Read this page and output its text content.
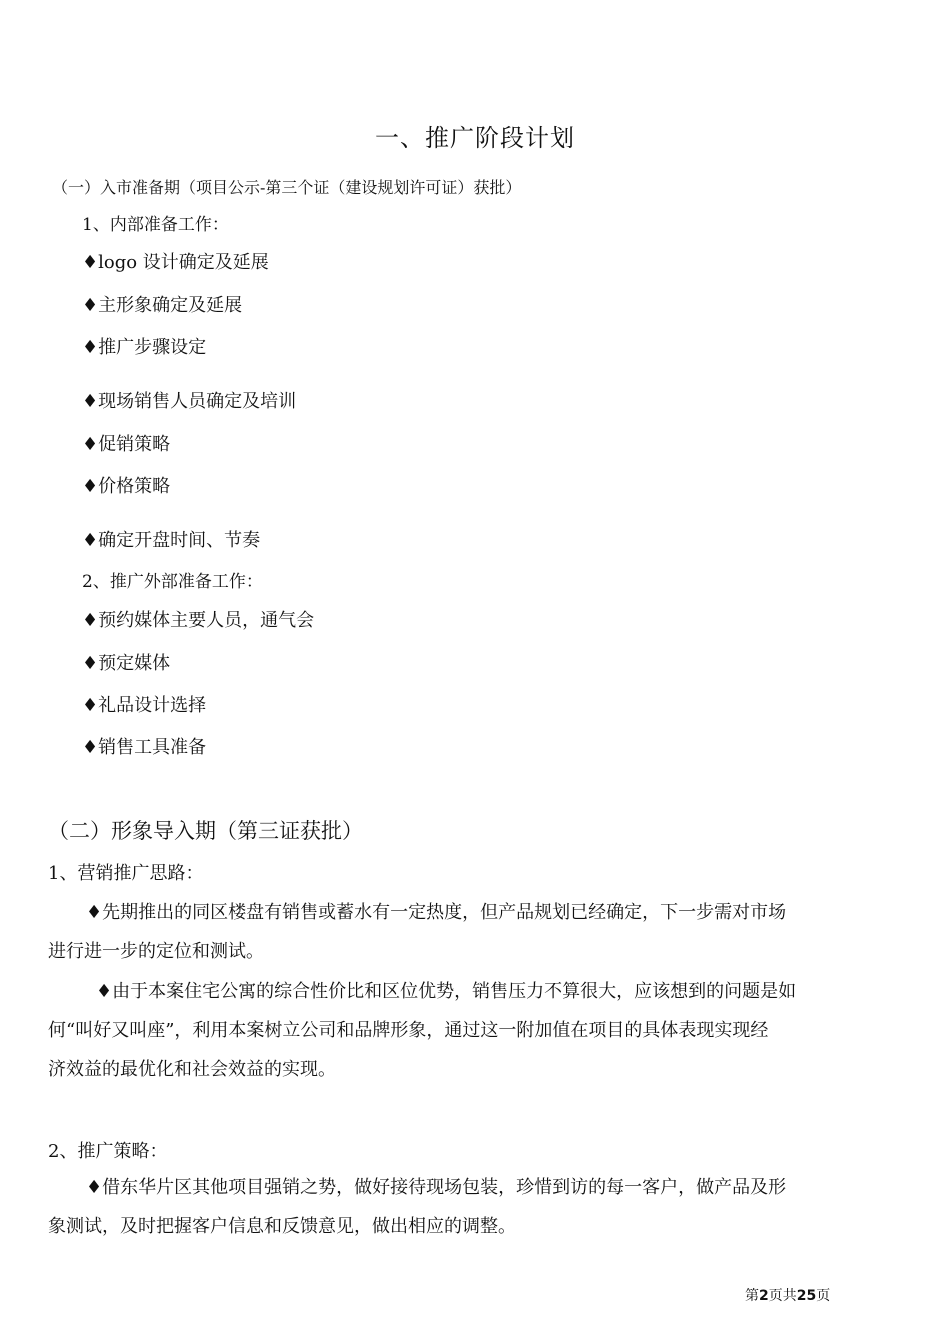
一、推广阶段计划
（一）入市准备期（项目公示-第三个证（建设规划许可证）获批）
1、内部准备工作：
♦logo 设计确定及延展
♦主形象确定及延展
♦推广步骤设定
♦现场销售人员确定及培训
♦促销策略
♦价格策略
♦确定开盘时间、节奏
2、推广外部准备工作：
♦预约媒体主要人员，通气会
♦预定媒体
♦礼品设计选择
♦销售工具准备
（二）形象导入期（第三证获批）
1、营销推广思路：
♦先期推出的同区楼盘有销售或蓄水有一定热度，但产品规划已经确定，下一步需对市场
进行进一步的定位和测试。
♦由于本案住宅公寓的综合性价比和区位优势，销售压力不算很大，应该想到的问题是如
何“叫好又叫座”，利用本案树立公司和品牌形象，通过这一附加值在项目的具体表现实现经
济效益的最优化和社会效益的实现。
2、推广策略：
♦借东华片区其他项目强销之势，做好接待现场包装，珍惜到访的每一客户，做产品及形
象测试，及时把握客户信息和反馈意见，做出相应的调整。
第2页共25页
